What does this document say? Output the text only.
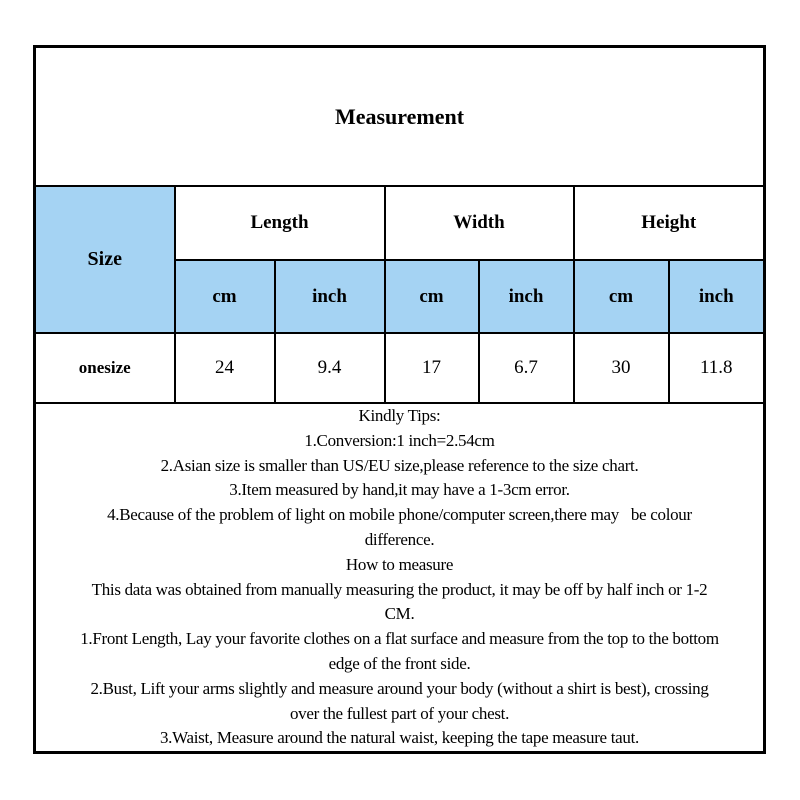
Measurement						
Size	Length		Width		Height	
	cm	inch	cm	inch	cm	inch
onesize	24	9.4	17	6.7	30	11.8

Kindly Tips:
1.Conversion:1 inch=2.54cm
2.Asian size is smaller than US/EU size,please reference to the size chart.
3.Item measured by hand,it may have a 1-3cm error.
4.Because of the problem of light on mobile phone/computer screen,there may   be colour
difference.
How to measure
This data was obtained from manually measuring the product, it may be off by half inch or 1-2
CM.
1.Front Length, Lay your favorite clothes on a flat surface and measure from the top to the bottom
edge of the front side.
2.Bust, Lift your arms slightly and measure around your body (without a shirt is best), crossing
over the fullest part of your chest.
3.Waist, Measure around the natural waist, keeping the tape measure taut.
